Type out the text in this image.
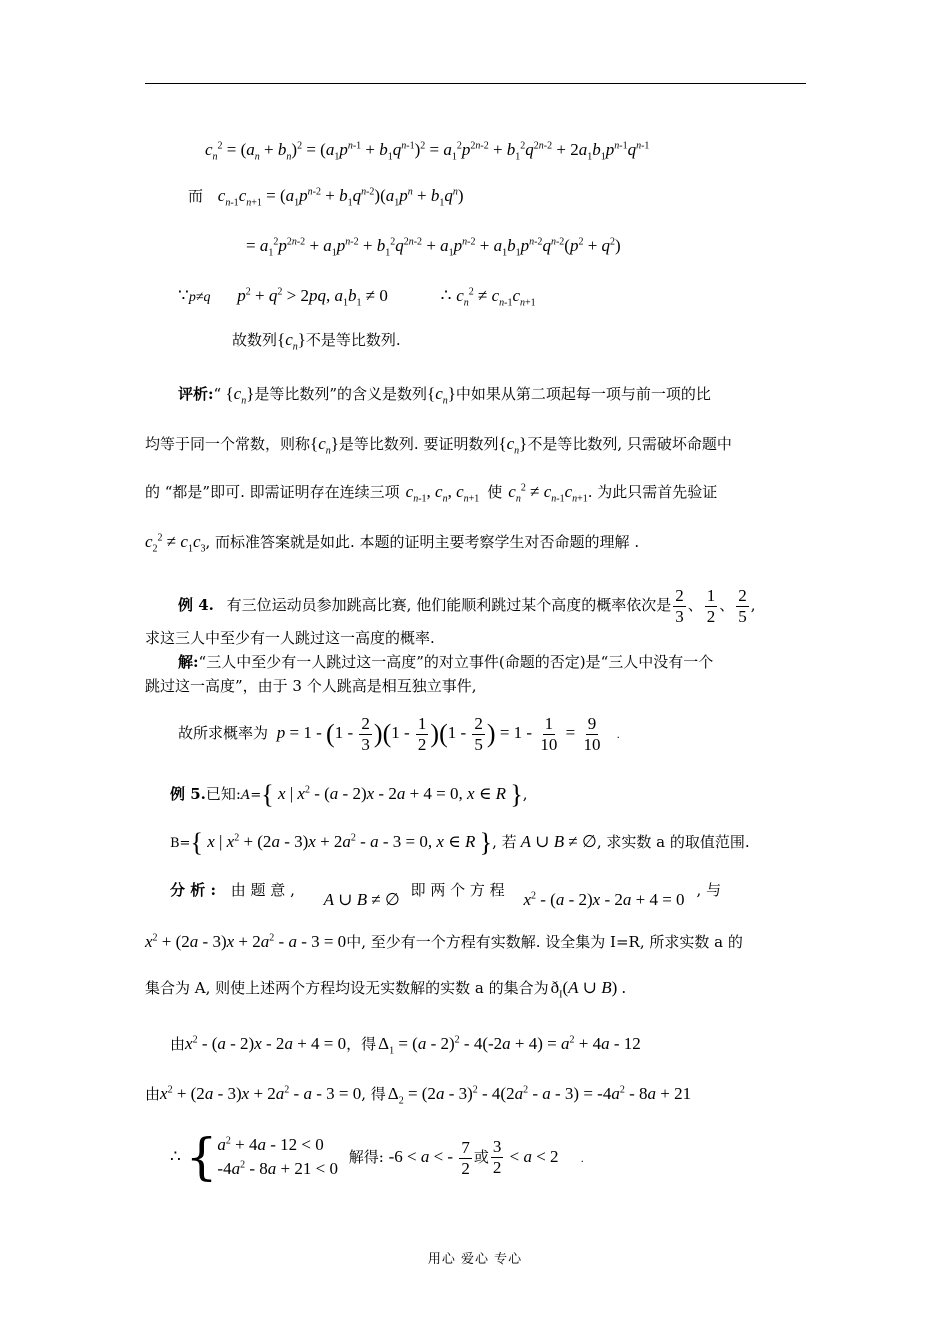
$c_n^2 = (a_n + b_n)^2 = (a_1p^{n-1} + b_1q^{n-1})^2 = a_1^2p^{2n-2} + b_1^2q^{2n-2} + 2a_1b_1p^{n-1}q^{n-1}$
而 $c_{n-1}c_{n+1} = (a_1p^{n-2} + b_1q^{n-2})(a_1p^n + b_1q^n)$
= $a_1^2p^{2n-2} + a_1p^{n-2} + b_1^2q^{2n-2} + a_1p^{n-2} + a_1b_1p^{n-2}q^{n-2}(p^2 + q^2)$
∵p≠q $p^2 + q^2 > 2pq$, $a_1b_1 \ne 0$	∴ $c_n^2 \ne c_{n-1}c_{n+1}$
故数列$\{c_n\}$不是等比数列.
评析:“ $\{c_n\}$是等比数列”的含义是数列$\{c_n\}$中如果从第二项起每一项与前一项的比
均等于同一个常数，则称$\{c_n\}$是等比数列. 要证明数列$\{c_n\}$不是等比数列, 只需破坏命题中
的 “都是”即可. 即需证明存在连续三项 $c_{n-1}$, $c_n$, $c_{n+1}$ 使 $c_n^2 \ne c_{n-1}c_{n+1}$. 为此只需首先验证
$c_2^2 \ne c_1c_3$, 而标准答案就是如此. 本题的证明主要考察学生对否命题的理解 .
例 4. 有三位运动员参加跳高比赛, 他们能顺利跳过某个高度的概率依次是 $\frac{2}{3}$ 、 $\frac{1}{2}$ 、 $\frac{2}{5}$ ,
求这三人中至少有一人跳过这一高度的概率.
解:“三人中至少有一人跳过这一高度”的对立事件(命题的否定)是“三人中没有一个
跳过这一高度”，由于 3 个人跳高是相互独立事件,
故所求概率为 $p = 1 - (1 - \frac{2}{3} )(1 - \frac{1}{2} )(1 - \frac{2}{5}$ ) = $1 - \frac{1}{10} = \frac{9}{10}$ .
例 5.已知:A={ x | $x^2 - (a - 2)x - 2a + 4 = 0$, x ∈ R },
B={ x | $x^2 + (2a - 3)x + 2a^2 - a - 3 = 0$, x ∈ R }, 若 A ∪ B ≠ ∅, 求实数 a 的取值范围.
分 析 : 由 题 意 , A ∪ B ≠ ∅ 即 两 个 方 程 $x^2 - (a - 2)x - 2a + 4 = 0$ , 与
$x^2 + (2a - 3)x + 2a^2 - a - 3 = 0$中, 至少有一个方程有实数解. 设全集为 I=R, 所求实数 a 的
集合为 A, 则使上述两个方程均设无实数解的实数 a 的集合为 $ð_I(A$ ∪ B) .
由$x^2 - (a - 2)x - 2a + 4 = 0$，得 $\Delta_1 = (a - 2)^2 - 4(-2a + 4) = a^2 + 4a - 12$
由$x^2 + (2a - 3)x + 2a^2 - a - 3 = 0$, 得 $\Delta_2 = (2a - 3)^2 - 4(2a^2 - a - 3) = -4a^2 - 8a + 21$
∴ { $a^2 + 4a - 12 < 0$
$-4a^2 - 8a + 21 < 0$
解得: -6 < a < - $\frac{7}{2}$ 或 $\frac{3}{2} < a < 2$ .
用心 爱心 专心
